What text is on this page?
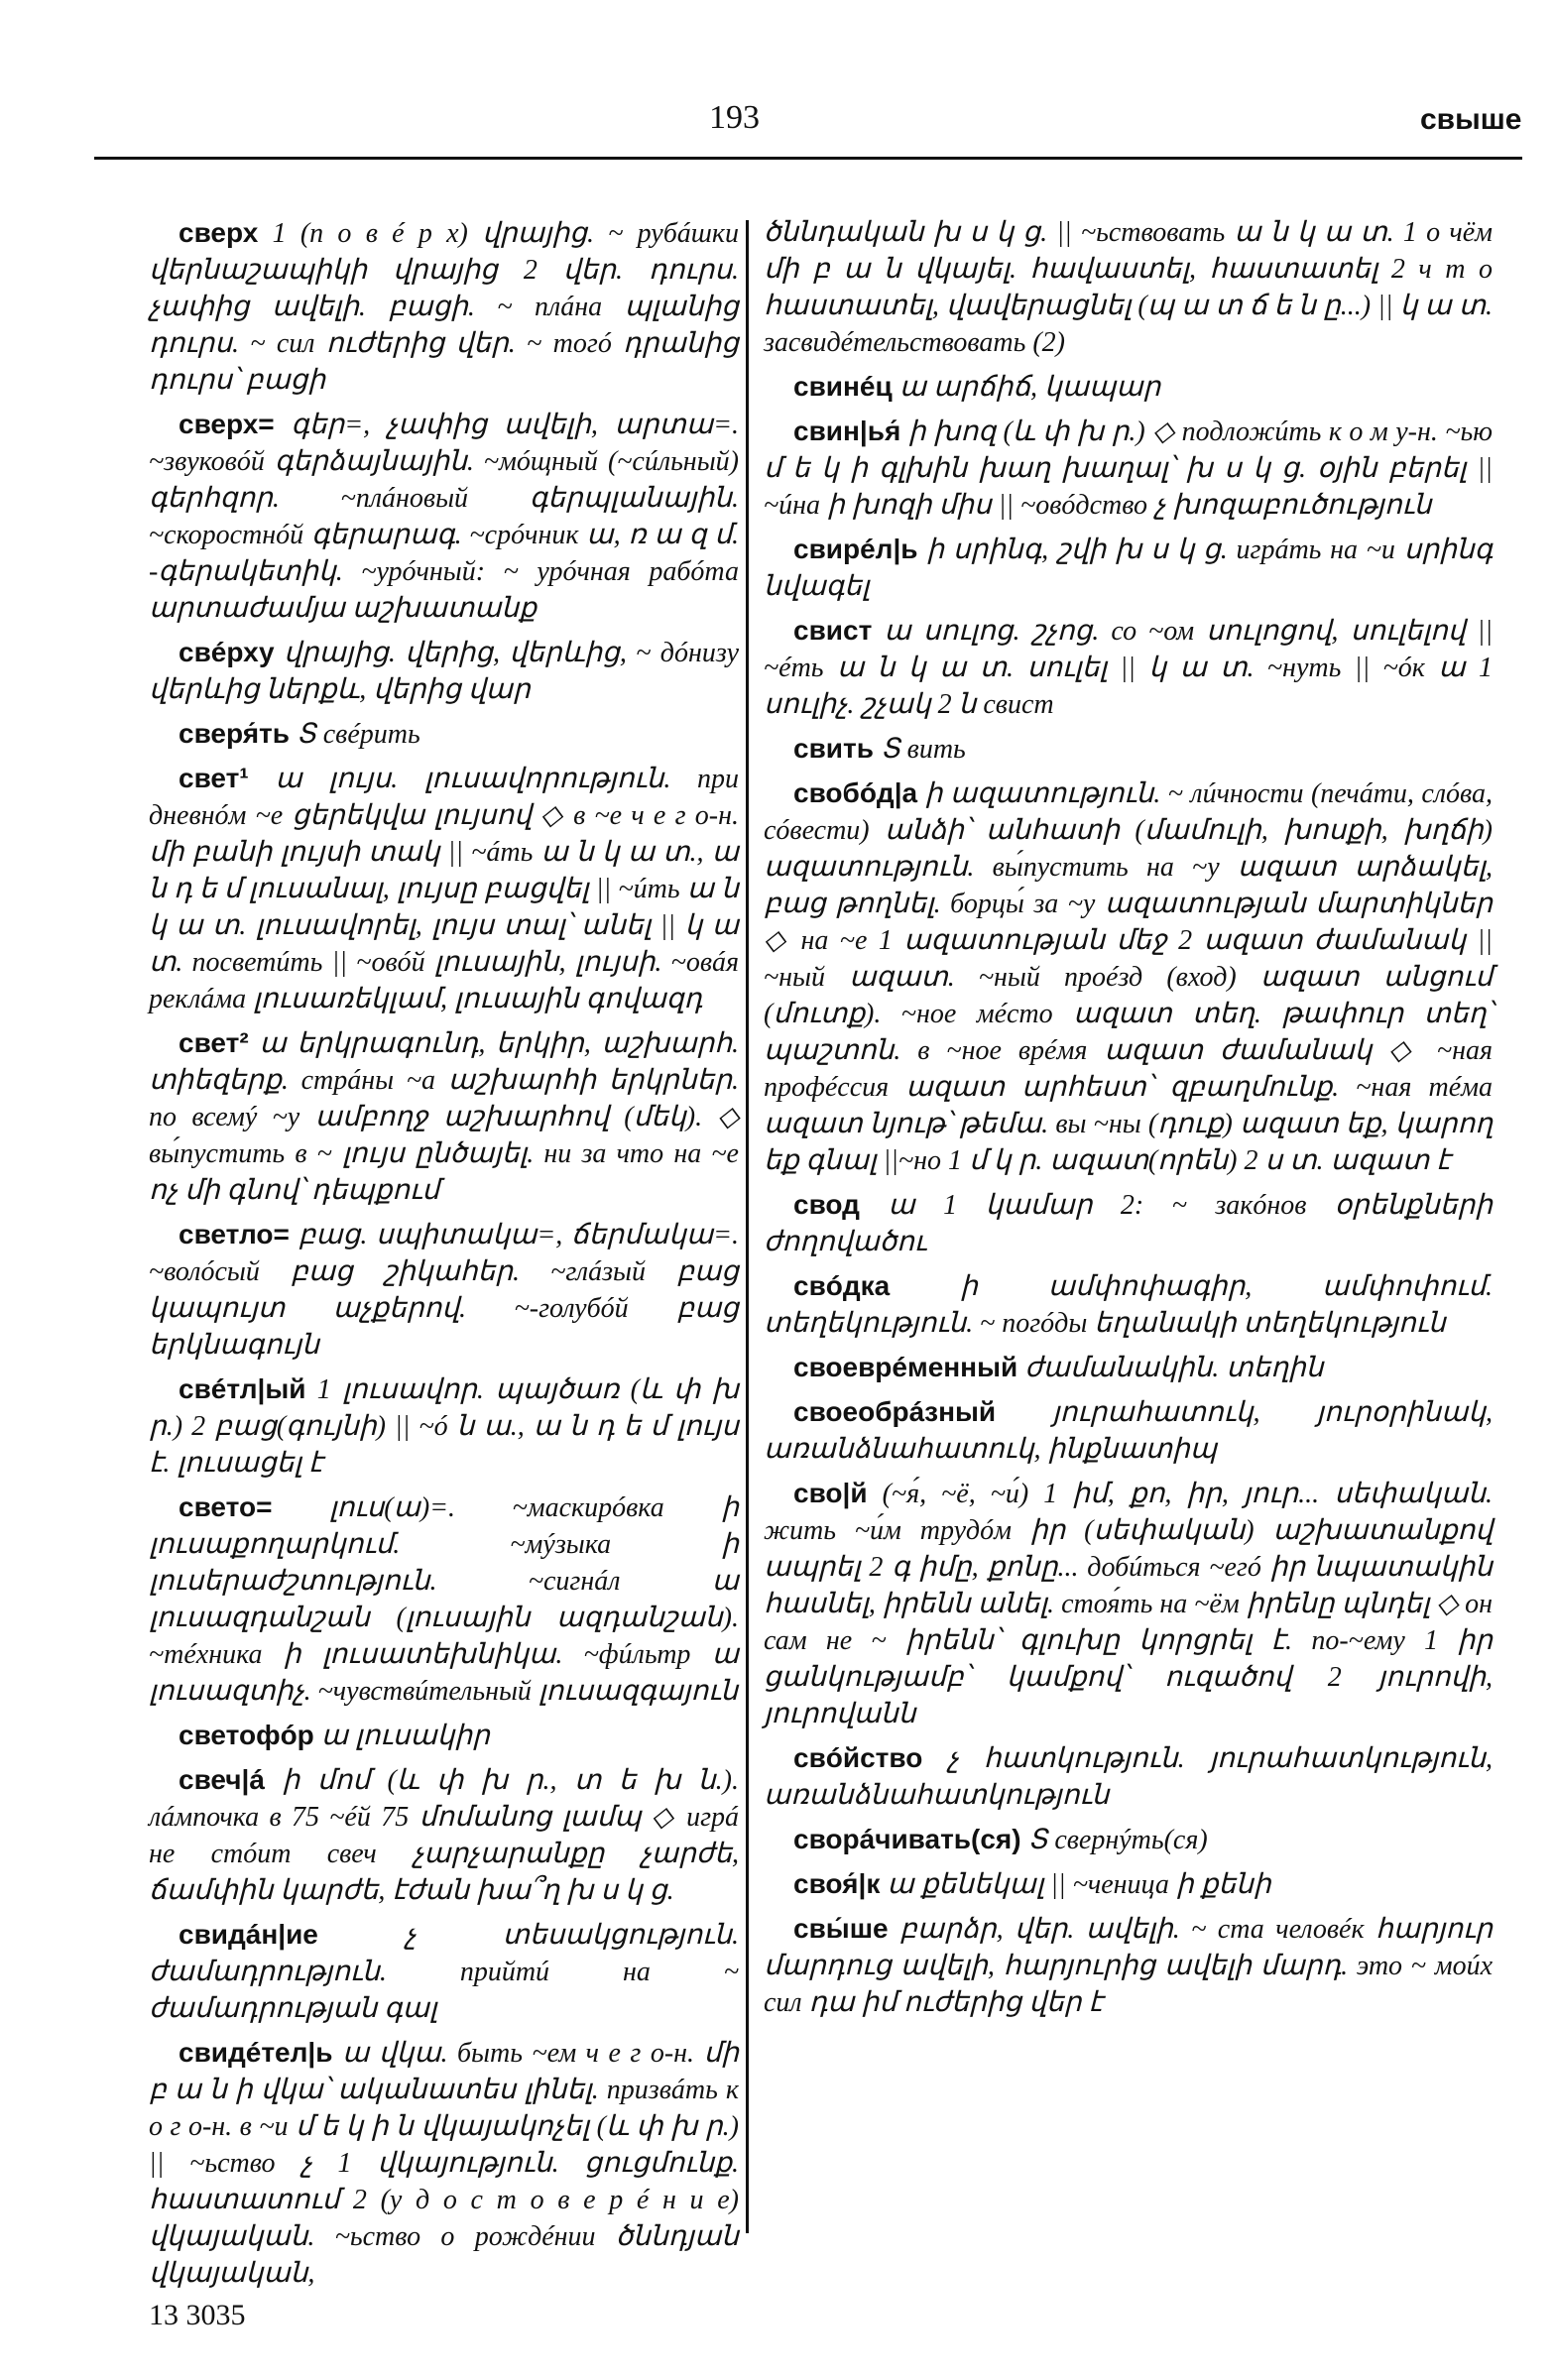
193	свыше

сверх 1 (п о в é р х) վրայից. ~ рубáшки վերնաշապիկի վրայից 2 վեր. դուրս. չափից ավելի. բացի. ~ плáна պլանից դուրս. ~ сил ուժերից վեր. ~ тогó դրանից դուրս՝ բացի

сверх= գեր=, չափից ավելի, արտա=. ~звуковóй գերձայնային. ~мóщный (~сúльный) գերհզոր. ~плáновый գերպլանային. ~скоростнóй գերարագ. ~срóчник ա, ռ ա զ մ. -գերակետիկ. ~урóчный: ~ урóчная рабóта արտաժամյա աշխատանք

свéрху վրայից. վերից, վերևից, ~ дóнизу վերևից ներքև, վերից վար

сверя́ть Տ свéрить

свет¹ ա լույս. լուսավորություն. при дневнóм ~е ցերեկվա լույսով ◇ в ~е ч е г о-н. մի բանի լույսի տակ || ~áть ա ն կ ա տ., ա ն դ ե մ լուսանալ, լույսը բացվել || ~úть ա ն կ ա տ. լուսավորել, լույս տալ՝ անել || կ ա տ. посветúть || ~овóй լուսային, լույսի. ~овáя реклáма լուսառեկլամ, լուսային գովազդ

свет² ա երկրագունդ, երկիր, աշխարհ. տիեզերք. стрáны ~а աշխարհի երկրներ. по всемý ~у ամբողջ աշխարհով (մեկ). ◇ вы́пустить в ~ լույս ընծայել. ни за что на ~е ոչ մի գնով՝ դեպքում

светло= բաց. սպիտակա=, ճերմակա=. ~волóсый բաց շիկահեր. ~глáзый բաց կապույտ աչքերով. ~-голубóй բաց երկնագույն

свéтл|ый 1 լուսավոր. պայծառ (և փ խ ր.) 2 բաց(գույնի) || ~ó ն ա., ա ն դ ե մ լույս է. լուսացել է

свето= լուս(ա)=. ~маскирóвка ի լուսաքողարկում. ~мýзыка ի լուսերաժշտություն. ~сигнáл ա լուսազդանշան (լուսային ազդանշան). ~тéхника ի լուսատեխնիկա. ~фúльтр ա լուսազտիչ. ~чувствúтельный լուսազգայուն

светофóр ա լուսակիր

свеч|á ի մոմ (և փ խ ր., տ ե խ ն.). лáмпочка в 75 ~éй 75 մոմանոց լամպ ◇ игрá не стóит свеч չարչարանքը չարժե, ճամփին կարժե, էժան խա՞ղ խ ս կ ց.

свидáн|ие	չ տեսակցություն. ժամադրություն. прийтú на ~ ժամադրության գալ

свидéтел|ь ա վկա. быть ~ем ч е г о-н. մի բ ա ն ի վկա՝ ականատես լինել. призвáть к о г о-н. в ~и մ ե կ ի ն վկայակոչել (և փ խ ր.) || ~ьство չ 1 վկայություն. ցուցմունք. հաստատում 2 (у д о с т о в е р é н и е) վկայական. ~ьство о рождéнии ծննդյան վկայական,

ծննդական խ ս կ ց. || ~ьствовать ա ն կ ա տ. 1 о чём մի բ ա ն վկայել. հավաստել, հաստատել 2 ч т о հաստատել, վավերացնել (պ ա տ ճ ե ն ը...) || կ ա տ. засвидéтельствовать (2)

свинéц ա արճիճ, կապար

свин|ья́ ի խոզ (և փ խ ր.) ◇ подложúть к о м у-н. ~ью մ ե կ ի գլխին խաղ խաղալ՝ խ ս կ ց. օյին բերել || ~úна ի խոզի միս || ~овóдство չ խոզաբուծություն

свирéл|ь ի սրինգ, շվի խ ս կ ց. игрáть на ~и սրինգ նվագել

свист ա սուլոց. շչոց. со ~ом սուլոցով, սուլելով || ~éть ա ն կ ա տ. սուլել || կ ա տ. ~нуть || ~óк ա 1 սուլիչ. շչակ 2 ն свист

свить Տ вить

свобóд|а ի ազատություն. ~ лúчности (печáти, слóва, сóвести) անձի՝ անհատի (մամուլի, խոսքի, խղճի) ազատություն. вы́пустить на ~у ազատ արձակել, բաց թողնել. борцы́ за ~у ազատության մարտիկներ ◇ на ~е 1 ազատության մեջ 2 ազատ ժամանակ || ~ный ազատ. ~ный проéзд (вход) ազատ անցում (մուտք). ~ное мéсто ազատ տեղ. թափուր տեղ՝ պաշտոն. в ~ное врéмя ազատ ժամանակ ◇ ~ная профéссия ազատ արհեստ՝ զբաղմունք. ~ная тéма ազատ նյութ՝ թեմա. вы ~ны (դուք) ազատ եք, կարող եք գնալ ||~но 1 մ կ ր. ազատ(որեն) 2 ս տ. ազատ է

свод ա 1 կամար 2: ~ закóнов օրենքների ժողովածու

свóдка	ի ամփոփագիր, ամփոփում. տեղեկություն. ~ погóды եղանակի տեղեկություն

своеврéменный ժամանակին. տեղին

своеобрáзный յուրահատուկ, յուրօրինակ, առանձնահատուկ, ինքնատիպ

сво|й (~я́, ~ё, ~и́) 1 իմ, քո, իր, յուր... սեփական. жить ~и́м трудóм իր (սեփական) աշխատանքով ապրել 2 գ իմը, քոնը... добúться ~егó իր նպատակին հասնել, իրենն անել. стоя́ть на ~ём իրենը պնդել ◇ он сам не ~ իրենն՝ գլուխը կորցրել է. по-~ему 1 իր ցանկությամբ՝ կամքով՝ ուզածով 2 յուրովի, յուրովանն

свóйство չ հատկություն. յուրահատկություն, առանձնահատկություն

сворáчивать(ся) Տ свернýть(ся)

своя́|к ա քենեկալ || ~ченица ի քենի

свы́ше բարձր, վեր. ավելի. ~ ста человéк հարյուր մարդուց ավելի, հարյուրից ավելի մարդ. это ~ моúх сил դա իմ ուժերից վեր է

13 3035
